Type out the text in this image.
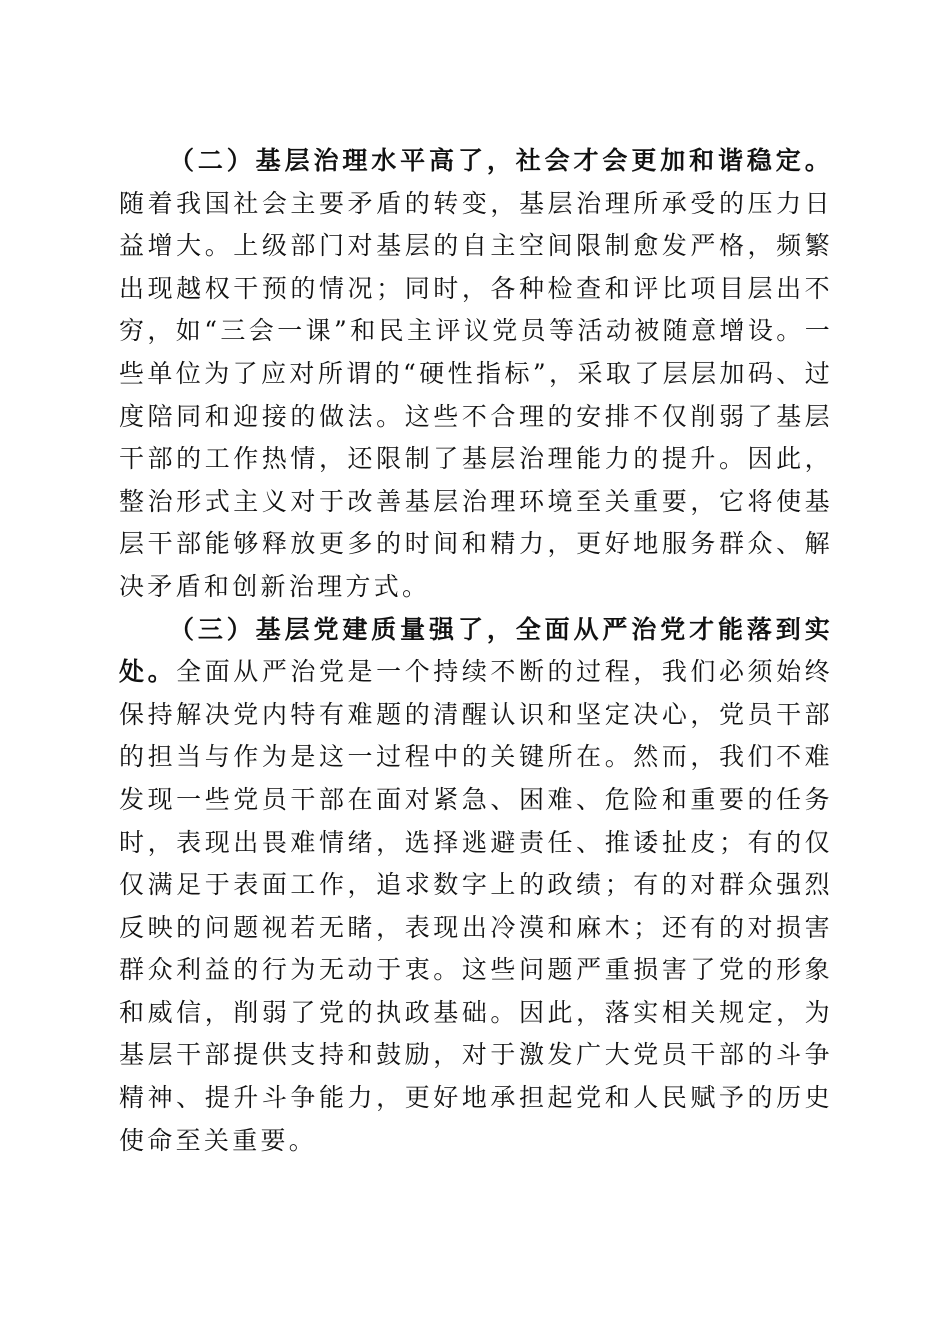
（二）基层治理水平高了，社会才会更加和谐稳定。随着我国社会主要矛盾的转变，基层治理所承受的压力日益增大。上级部门对基层的自主空间限制愈发严格，频繁出现越权干预的情况；同时，各种检查和评比项目层出不穷，如“三会一课”和民主评议党员等活动被随意增设。一些单位为了应对所谓的“硬性指标”，采取了层层加码、过度陪同和迎接的做法。这些不合理的安排不仅削弱了基层干部的工作热情，还限制了基层治理能力的提升。因此，整治形式主义对于改善基层治理环境至关重要，它将使基层干部能够释放更多的时间和精力，更好地服务群众、解决矛盾和创新治理方式。

（三）基层党建质量强了，全面从严治党才能落到实处。全面从严治党是一个持续不断的过程，我们必须始终保持解决党内特有难题的清醒认识和坚定决心，党员干部的担当与作为是这一过程中的关键所在。然而，我们不难发现一些党员干部在面对紧急、困难、危险和重要的任务时，表现出畏难情绪，选择逃避责任、推诿扯皮；有的仅仅满足于表面工作，追求数字上的政绩；有的对群众强烈反映的问题视若无睹，表现出冷漠和麻木；还有的对损害群众利益的行为无动于衷。这些问题严重损害了党的形象和威信，削弱了党的执政基础。因此，落实相关规定，为基层干部提供支持和鼓励，对于激发广大党员干部的斗争精神、提升斗争能力，更好地承担起党和人民赋予的历史使命至关重要。
